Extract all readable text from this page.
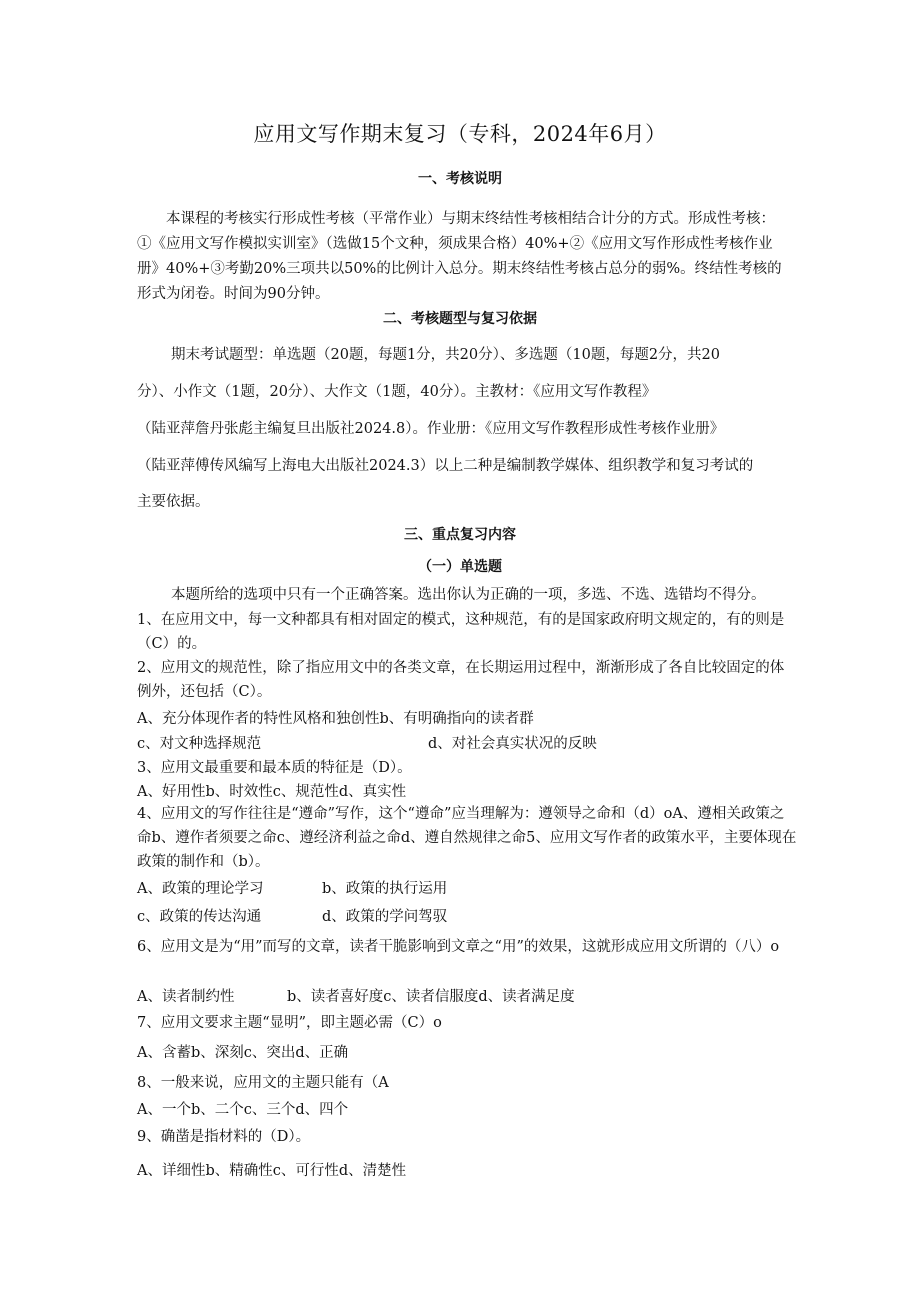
应用文写作期末复习（专科，2024年6月）
一、考核说明
本课程的考核实行形成性考核（平常作业）与期末终结性考核相结合计分的方式。形成性考核：①《应用文写作模拟实训室》（选做15个文种，须成果合格）40%+②《应用文写作形成性考核作业册》40%+③考勤20%三项共以50%的比例计入总分。期末终结性考核占总分的弱%。终结性考核的形式为闭卷。时间为90分钟。
二、考核题型与复习依据
期末考试题型：单选题（20题，每题1分，共20分）、多选题（10题，每题2分，共20
分）、小作文（1题，20分）、大作文（1题，40分）。主教材：《应用文写作教程》
（陆亚萍詹丹张彪主编复旦出版社2024.8）。作业册：《应用文写作教程形成性考核作业册》
（陆亚萍傅传风编写上海电大出版社2024.3）以上二种是编制教学媒体、组织教学和复习考试的
主要依据。
三、重点复习内容
（一）单选题
本题所给的选项中只有一个正确答案。选出你认为正确的一项，多选、不选、选错均不得分。
1、在应用文中，每一文种都具有相对固定的模式，这种规范，有的是国家政府明文规定的，有的则是（C）的。
2、应用文的规范性，除了指应用文中的各类文章，在长期运用过程中，渐渐形成了各自比较固定的体例外，还包括（C）。
A、充分体现作者的特性风格和独创性b、有明确指向的读者群
c、对文种选择规范	d、对社会真实状况的反映
3、应用文最重要和最本质的特征是（D）。
A、好用性b、时效性c、规范性d、真实性
4、应用文的写作往往是“遵命”写作，这个“遵命”应当理解为：遵领导之命和（d）oA、遵相关政策之命b、遵作者须要之命c、遵经济利益之命d、遵自然规律之命5、应用文写作者的政策水平，主要体现在政策的制作和（b）。
A、政策的理论学习	b、政策的执行运用
c、政策的传达沟通	d、政策的学问驾驭
6、应用文是为“用”而写的文章，读者干脆影响到文章之“用”的效果，这就形成应用文所谓的（八）o
A、读者制约性	b、读者喜好度c、读者信服度d、读者满足度
7、应用文要求主题“显明”，即主题必需（C）o
A、含蓄b、深刻c、突出d、正确
8、一般来说，应用文的主题只能有（A
A、一个b、二个c、三个d、四个
9、确凿是指材料的（D）。
A、详细性b、精确性c、可行性d、清楚性
